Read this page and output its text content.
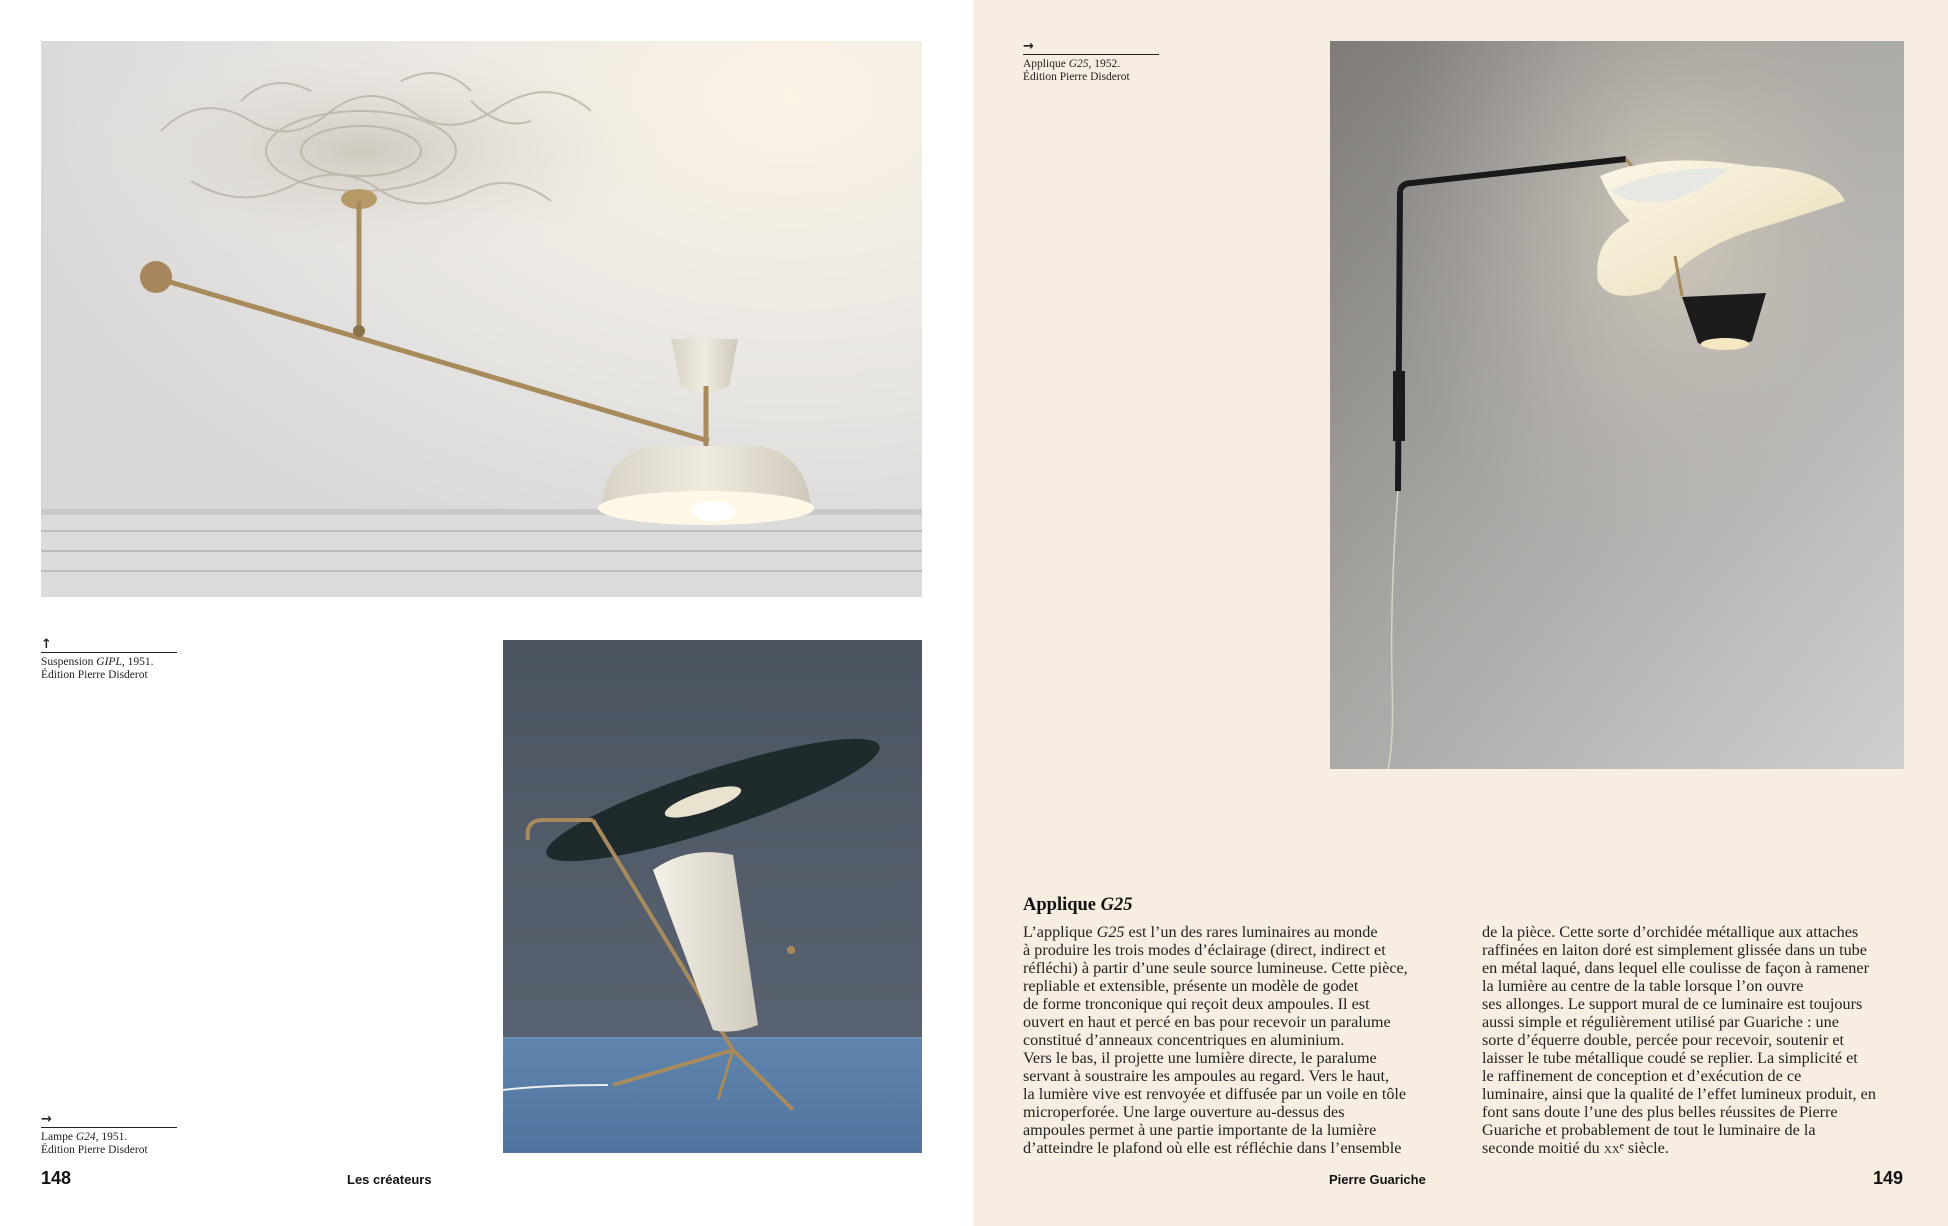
↑
Suspension GIPL, 1951.
Édition Pierre Disderot
→
Lampe G24, 1951.
Édition Pierre Disderot
148	Les créateurs
→
Applique G25, 1952.
Édition Pierre Disderot
Applique G25
L’applique G25 est l’un des rares luminaires au monde
à produire les trois modes d’éclairage (direct, indirect et
réfléchi) à partir d’une seule source lumineuse. Cette pièce,
repliable et extensible, présente un modèle de godet
de forme tronconique qui reçoit deux ampoules. Il est
ouvert en haut et percé en bas pour recevoir un paralume
constitué d’anneaux concentriques en aluminium.
Vers le bas, il projette une lumière directe, le paralume
servant à soustraire les ampoules au regard. Vers le haut,
la lumière vive est renvoyée et diffusée par un voile en tôle
microperforée. Une large ouverture au-dessus des
ampoules permet à une partie importante de la lumière
d’atteindre le plafond où elle est réfléchie dans l’ensemble
de la pièce. Cette sorte d’orchidée métallique aux attaches
raffinées en laiton doré est simplement glissée dans un tube
en métal laqué, dans lequel elle coulisse de façon à ramener
la lumière au centre de la table lorsque l’on ouvre
ses allonges. Le support mural de ce luminaire est toujours
aussi simple et régulièrement utilisé par Guariche : une
sorte d’équerre double, percée pour recevoir, soutenir et
laisser le tube métallique coudé se replier. La simplicité et
le raffinement de conception et d’exécution de ce
luminaire, ainsi que la qualité de l’effet lumineux produit, en
font sans doute l’une des plus belles réussites de Pierre
Guariche et probablement de tout le luminaire de la
seconde moitié du xxᵉ siècle.
Pierre Guariche	149
